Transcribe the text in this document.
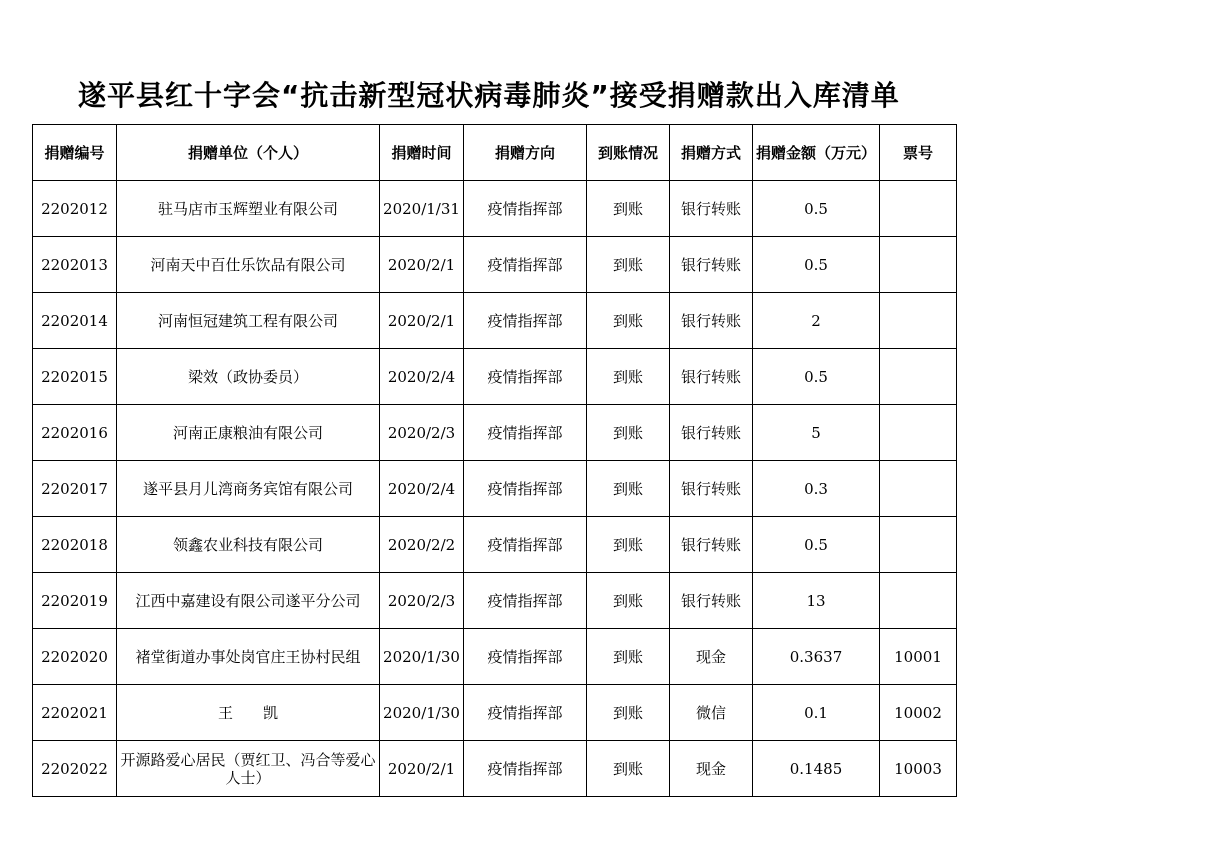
遂平县红十字会“抗击新型冠状病毒肺炎”接受捐赠款出入库清单
捐赠编号	捐赠单位（个人）	捐赠时间	捐赠方向	到账情况	捐赠方式	捐赠金额（万元）	票号
2202012	驻马店市玉辉塑业有限公司	2020/1/31	疫情指挥部	到账	银行转账	0.5	
2202013	河南天中百仕乐饮品有限公司	2020/2/1	疫情指挥部	到账	银行转账	0.5	
2202014	河南恒冠建筑工程有限公司	2020/2/1	疫情指挥部	到账	银行转账	2	
2202015	梁效（政协委员）	2020/2/4	疫情指挥部	到账	银行转账	0.5	
2202016	河南正康粮油有限公司	2020/2/3	疫情指挥部	到账	银行转账	5	
2202017	遂平县月儿湾商务宾馆有限公司	2020/2/4	疫情指挥部	到账	银行转账	0.3	
2202018	领鑫农业科技有限公司	2020/2/2	疫情指挥部	到账	银行转账	0.5	
2202019	江西中嘉建设有限公司遂平分公司	2020/2/3	疫情指挥部	到账	银行转账	13	
2202020	褚堂街道办事处岗官庄王协村民组	2020/1/30	疫情指挥部	到账	现金	0.3637	10001
2202021	王　　凯	2020/1/30	疫情指挥部	到账	微信	0.1	10002
2202022	开源路爱心居民（贾红卫、冯合等爱心人士）	2020/2/1	疫情指挥部	到账	现金	0.1485	10003
